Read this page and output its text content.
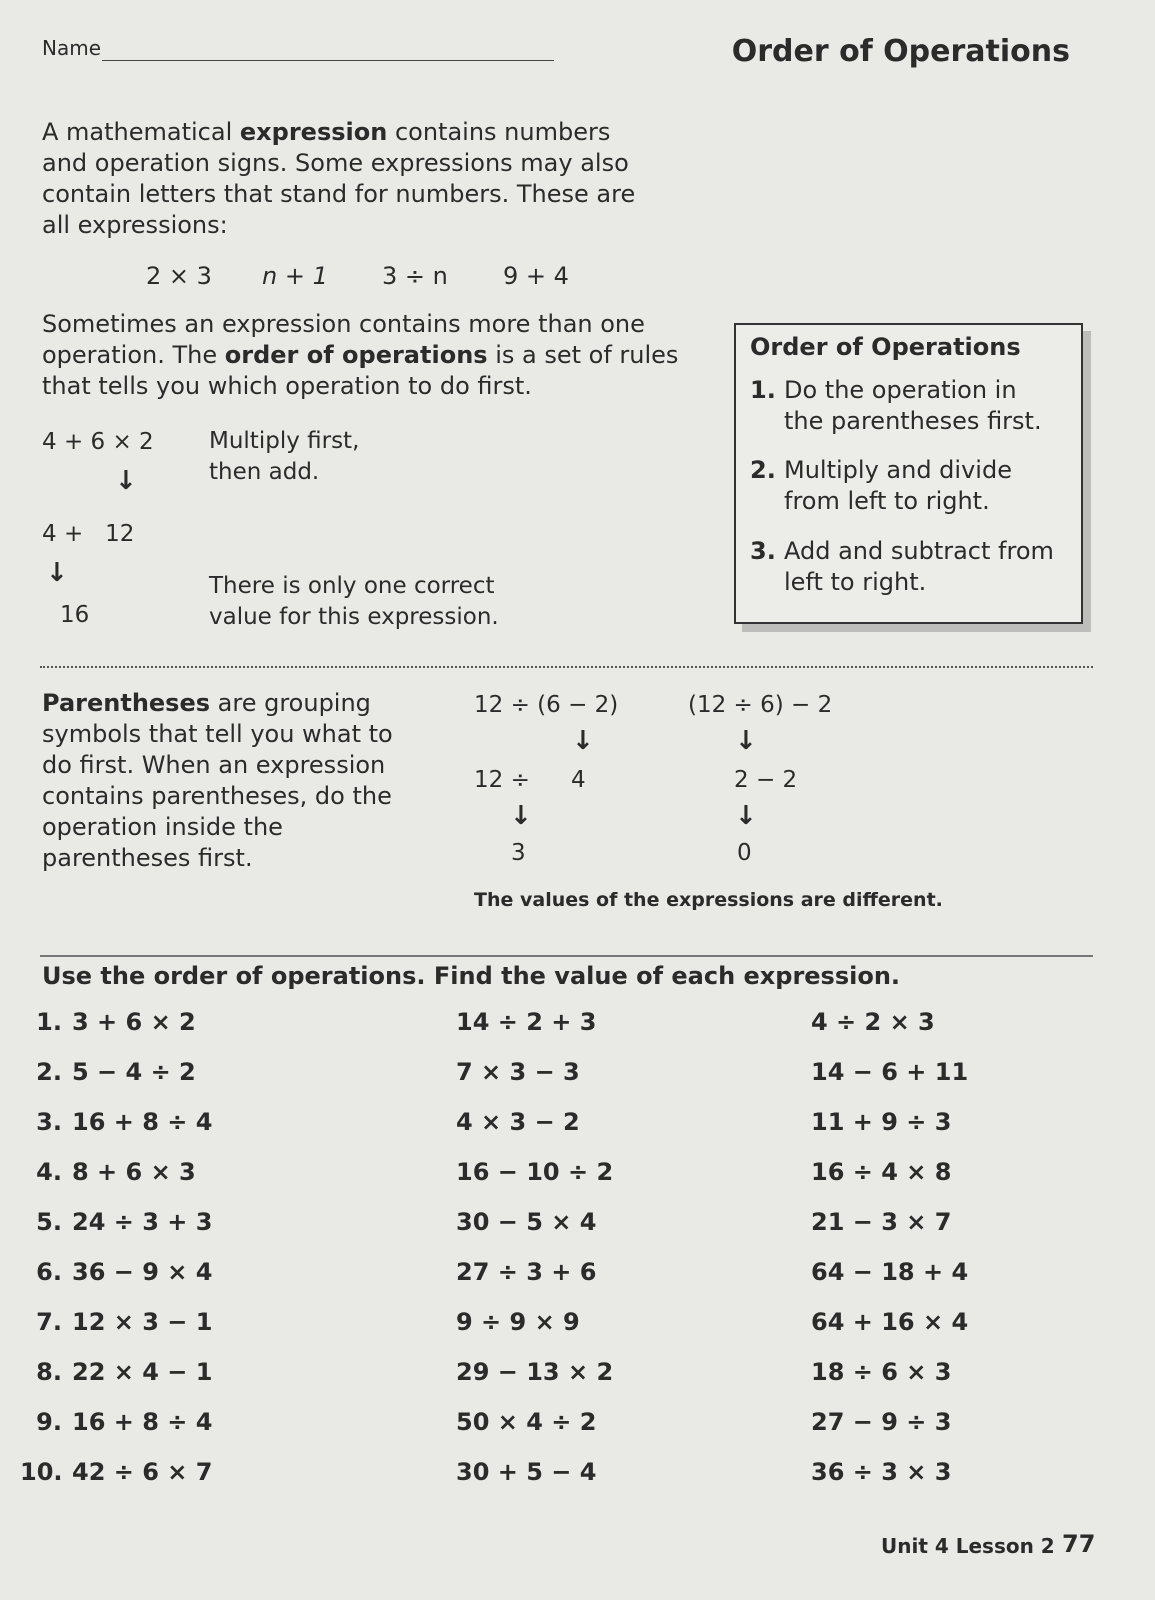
Name	Order of Operations
A mathematical expression contains numbers
and operation signs. Some expressions may also
contain letters that stand for numbers. These are
all expressions:
2 × 3 n + 1 3 ÷ n 9 + 4
Sometimes an expression contains more than one
operation. The order of operations is a set of rules
that tells you which operation to do first.
Order of Operations
1. Do the operation in the parentheses first.
2. Multiply and divide from left to right.
3. Add and subtract from left to right.
4 + 6 × 2
↓
4 +   12
↓
16
Multiply first,
then add.
There is only one correct
value for this expression.
Parentheses are grouping
symbols that tell you what to
do first. When an expression
contains parentheses, do the
operation inside the
parentheses first.
12 ÷ (6 − 2)
↓
12 ÷ 4
↓
3
(12 ÷ 6) − 2
↓
2 − 2
↓
0
The values of the expressions are different.
Use the order of operations. Find the value of each expression.
1. 3 + 6 × 2	14 ÷ 2 + 3	4 ÷ 2 × 3
2. 5 − 4 ÷ 2	7 × 3 − 3	14 − 6 + 11
3. 16 + 8 ÷ 4	4 × 3 − 2	11 + 9 ÷ 3
4. 8 + 6 × 3	16 − 10 ÷ 2	16 ÷ 4 × 8
5. 24 ÷ 3 + 3	30 − 5 × 4	21 − 3 × 7
6. 36 − 9 × 4	27 ÷ 3 + 6	64 − 18 + 4
7. 12 × 3 − 1	9 ÷ 9 × 9	64 + 16 × 4
8. 22 × 4 − 1	29 − 13 × 2	18 ÷ 6 × 3
9. 16 + 8 ÷ 4	50 × 4 ÷ 2	27 − 9 ÷ 3
10. 42 ÷ 6 × 7	30 + 5 − 4	36 ÷ 3 × 3
Unit 4 Lesson 2 77
